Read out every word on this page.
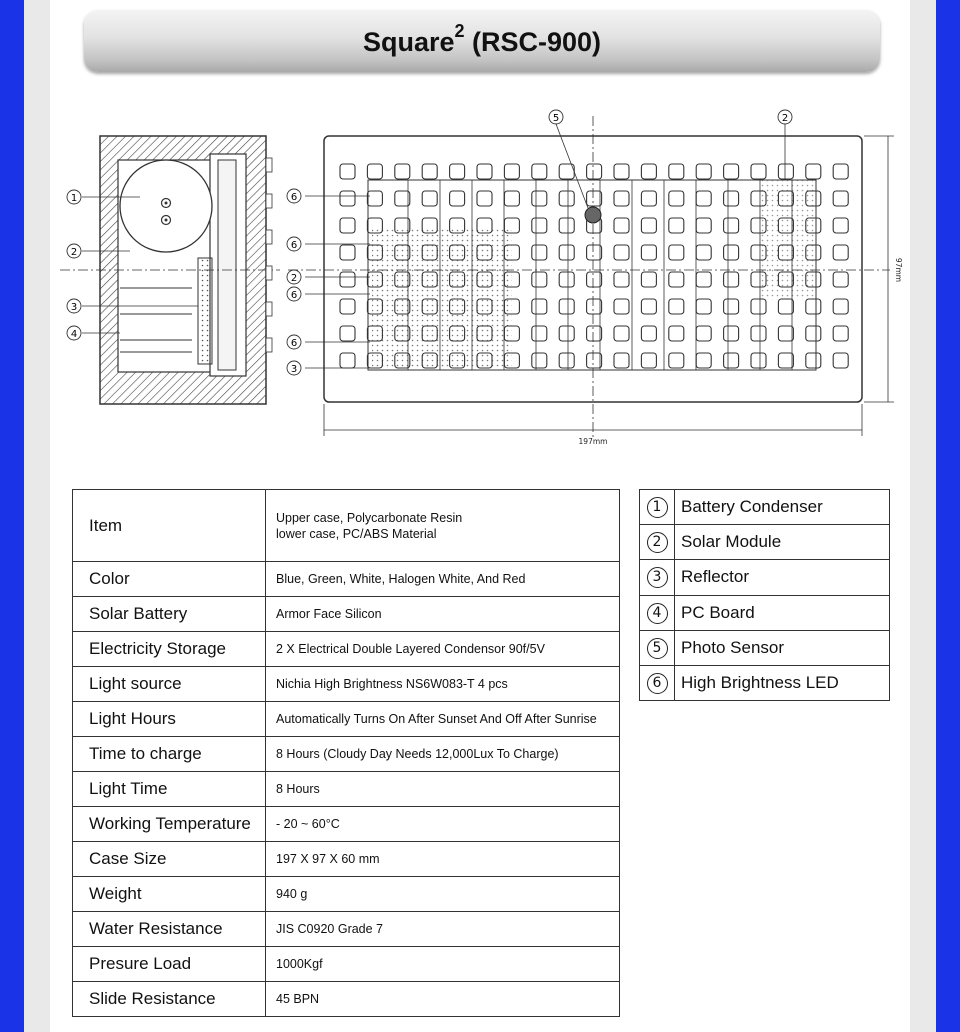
Square$^2$ (RSC-900)
1
2
3
4
197mm
97mm
6
6
2
6
6
3
5	2
Item	Upper case, Polycarbonate Resin
lower case, PC/ABS Material

Color	Blue, Green, White, Halogen White, And Red
Solar Battery	Armor Face Silicon
Electricity Storage	2 X Electrical Double Layered Condensor 90f/5V
Light source	Nichia High Brightness NS6W083-T 4 pcs
Light Hours	Automatically Turns On After Sunset And Off After Sunrise
Time to charge	8 Hours (Cloudy Day Needs 12,000Lux To Charge)
Light Time	8 Hours
Working Temperature	- 20 ~ 60°C
Case Size	197 X 97 X 60 mm
Weight	940 g
Water Resistance	JIS C0920 Grade 7
Presure Load	1000Kgf
Slide Resistance	45 BPN
1	Battery Condenser
2	Solar Module
3	Reflector
4	PC Board
5	Photo Sensor
6	High Brightness LED
